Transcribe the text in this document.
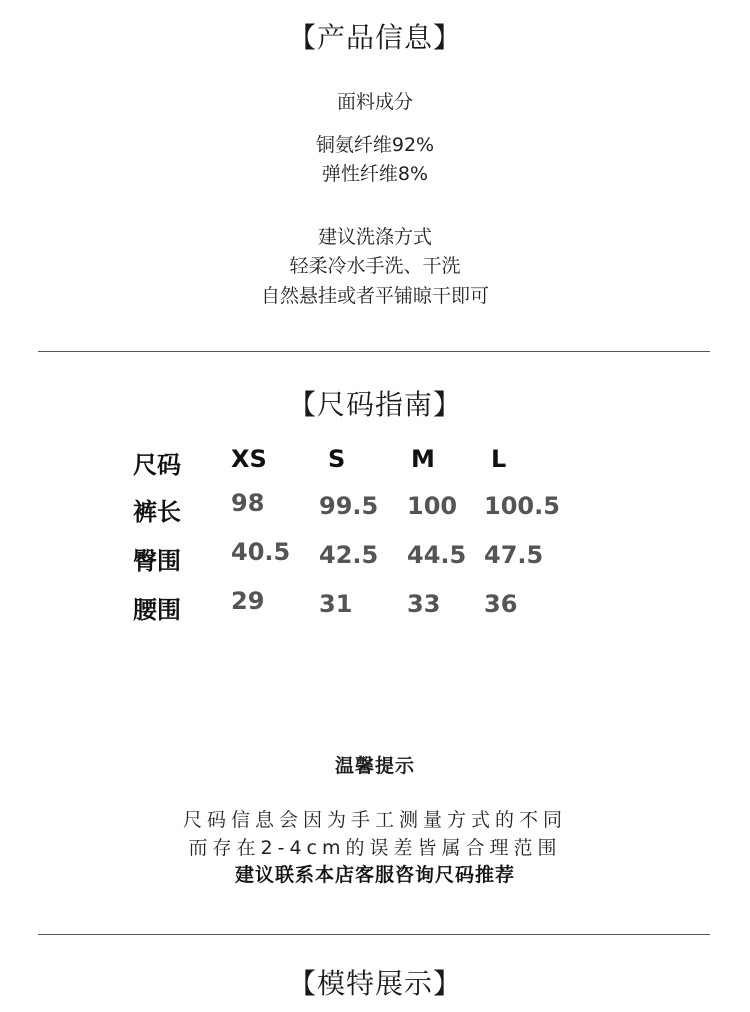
【产品信息】
面料成分
铜氨纤维92%
弹性纤维8%
建议洗涤方式
轻柔冷水手洗、干洗
自然悬挂或者平铺晾干即可
【尺码指南】
尺码 XS	S	M L
裤长 98 99.5 100 100.5
臀围 40.5 42.5 44.5 47.5
腰围 29 31 33 36
温馨提示
尺码信息会因为手工测量方式的不同
而存在2-4cm的误差皆属合理范围
建议联系本店客服咨询尺码推荐
【模特展示】
